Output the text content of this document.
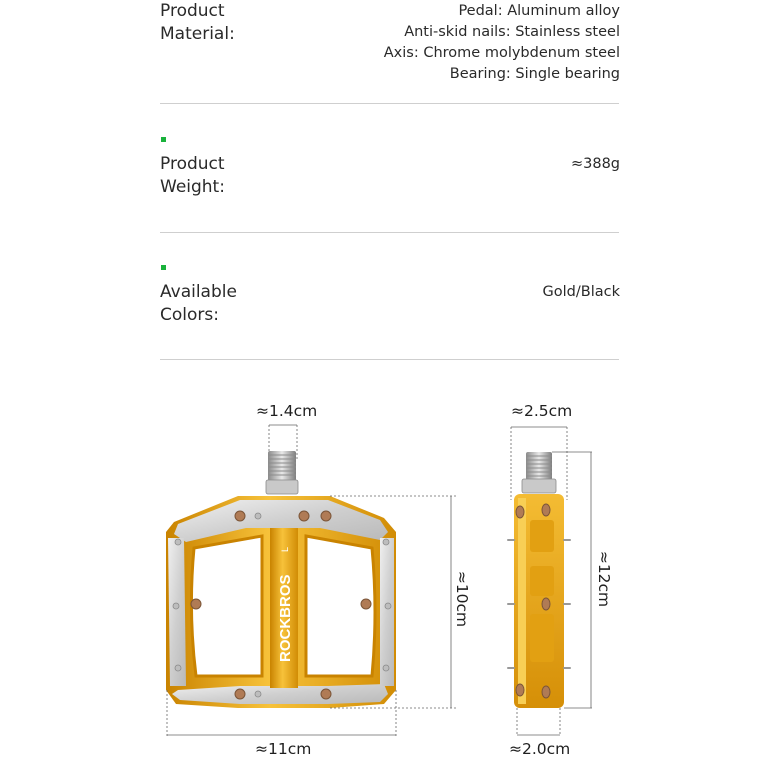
Product
Material:
Pedal: Aluminum alloy
Anti-skid nails: Stainless steel
Axis: Chrome molybdenum steel
Bearing: Single bearing
Product
Weight:
≈388g
Available
Colors:
Gold/Black
ROCKBROS
L
≈1.4cm	≈2.5cm
≈10cm	≈12cm
≈11cm	≈2.0cm
